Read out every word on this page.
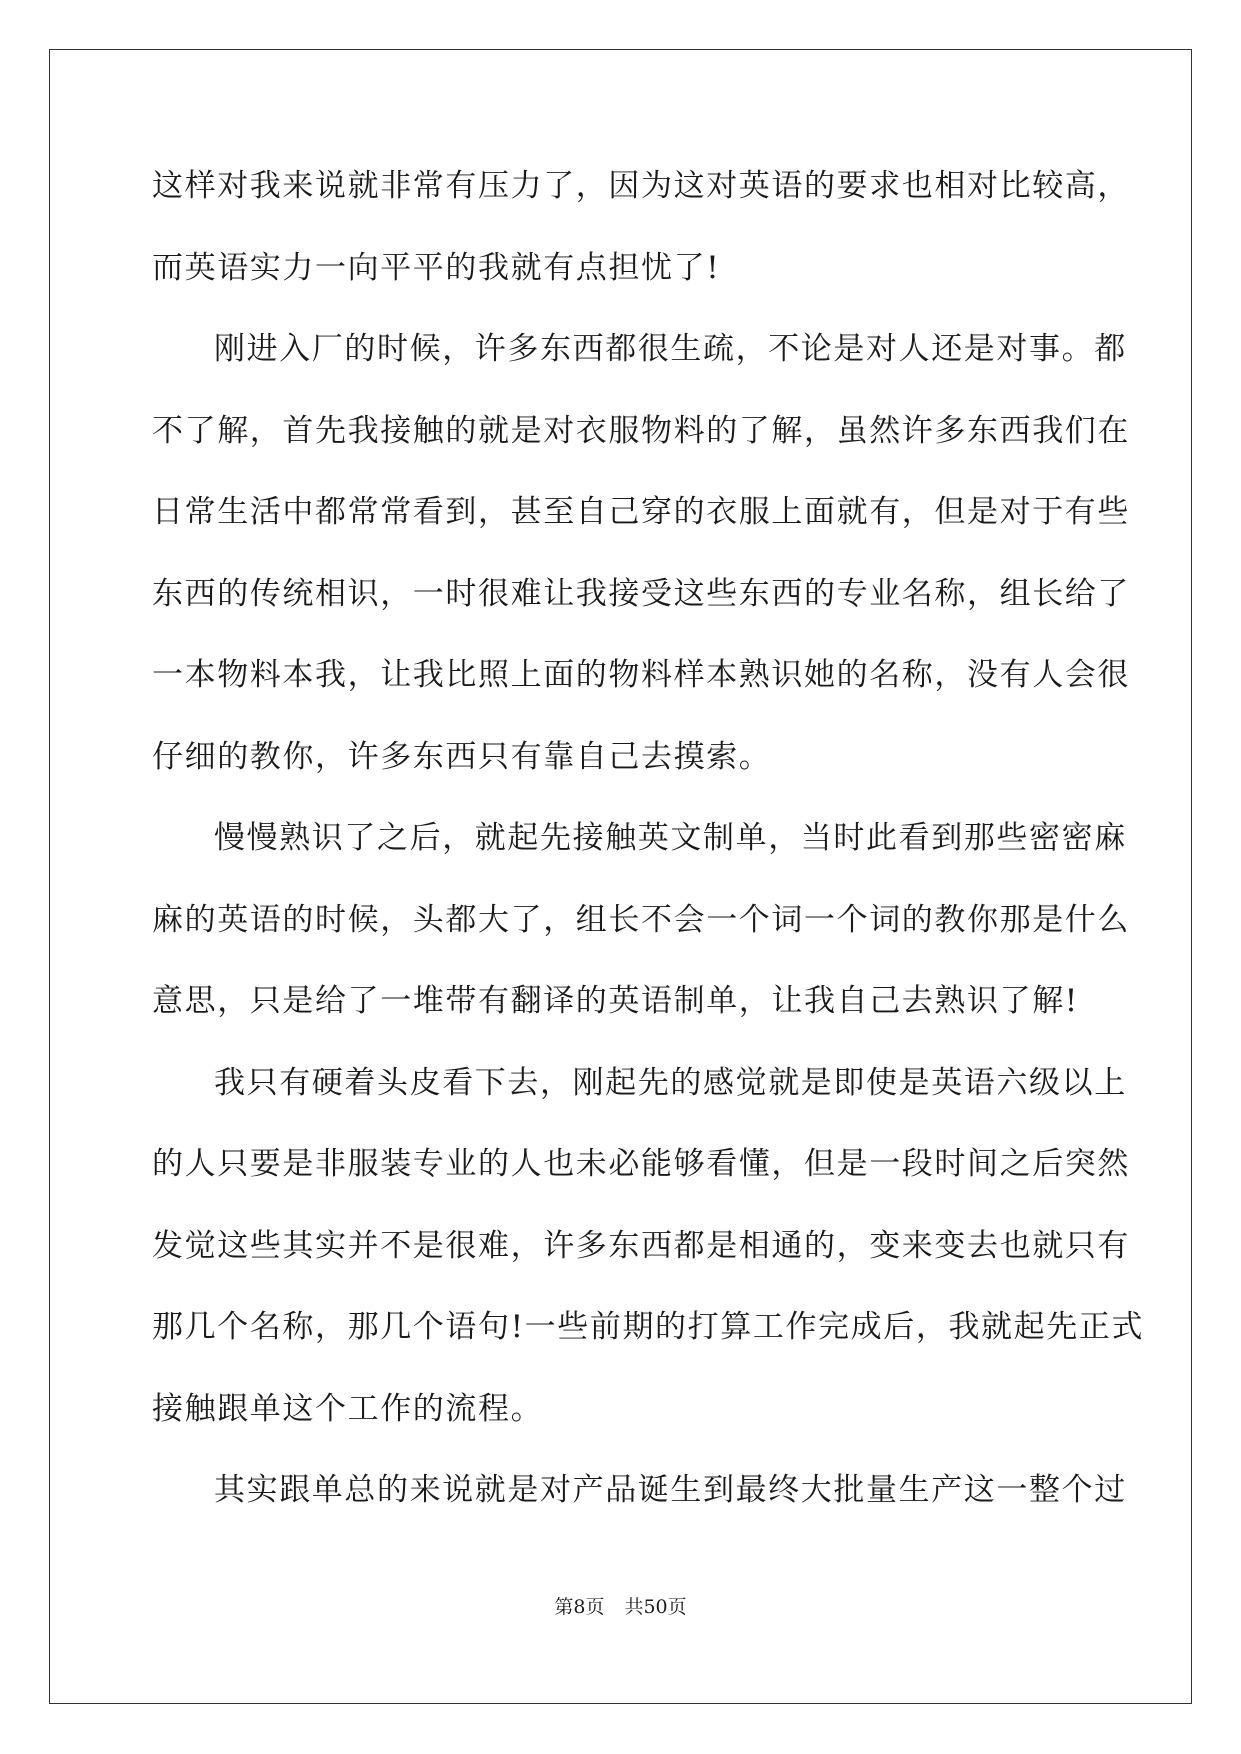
这样对我来说就非常有压力了，因为这对英语的要求也相对比较高，
而英语实力一向平平的我就有点担忧了!
刚进入厂的时候，许多东西都很生疏，不论是对人还是对事。都
不了解，首先我接触的就是对衣服物料的了解，虽然许多东西我们在
日常生活中都常常看到，甚至自己穿的衣服上面就有，但是对于有些
东西的传统相识，一时很难让我接受这些东西的专业名称，组长给了
一本物料本我，让我比照上面的物料样本熟识她的名称，没有人会很
仔细的教你，许多东西只有靠自己去摸索。
慢慢熟识了之后，就起先接触英文制单，当时此看到那些密密麻
麻的英语的时候，头都大了，组长不会一个词一个词的教你那是什么
意思，只是给了一堆带有翻译的英语制单，让我自己去熟识了解!
我只有硬着头皮看下去，刚起先的感觉就是即使是英语六级以上
的人只要是非服装专业的人也未必能够看懂，但是一段时间之后突然
发觉这些其实并不是很难，许多东西都是相通的，变来变去也就只有
那几个名称，那几个语句!一些前期的打算工作完成后，我就起先正式
接触跟单这个工作的流程。
其实跟单总的来说就是对产品诞生到最终大批量生产这一整个过
第8页 共50页
